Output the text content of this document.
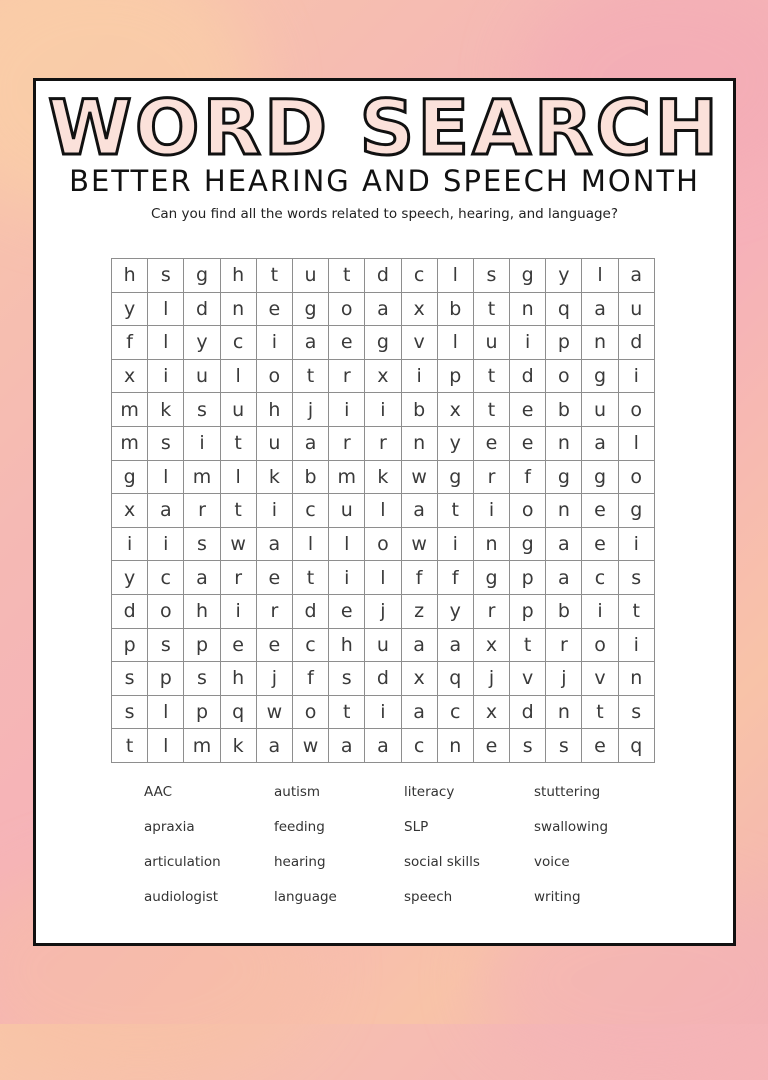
WORD SEARCH
BETTER HEARING AND SPEECH MONTH
Can you find all the words related to speech, hearing, and language?
h	s	g	h	t	u	t	d	c	l	s	g	y	l	a
y	l	d	n	e	g	o	a	x	b	t	n	q	a	u
f	l	y	c	i	a	e	g	v	l	u	i	p	n	d
x	i	u	l	o	t	r	x	i	p	t	d	o	g	i
m	k	s	u	h	j	i	i	b	x	t	e	b	u	o
m	s	i	t	u	a	r	r	n	y	e	e	n	a	l
g	l	m	l	k	b	m	k	w	g	r	f	g	g	o
x	a	r	t	i	c	u	l	a	t	i	o	n	e	g
i	i	s	w	a	l	l	o	w	i	n	g	a	e	i
y	c	a	r	e	t	i	l	f	f	g	p	a	c	s
d	o	h	i	r	d	e	j	z	y	r	p	b	i	t
p	s	p	e	e	c	h	u	a	a	x	t	r	o	i
s	p	s	h	j	f	s	d	x	q	j	v	j	v	n
s	l	p	q	w	o	t	i	a	c	x	d	n	t	s
t	l	m	k	a	w	a	a	c	n	e	s	s	e	q
AAC
apraxia
articulation
audiologist
autism
feeding
hearing
language
literacy
SLP
social skills
speech
stuttering
swallowing
voice
writing
